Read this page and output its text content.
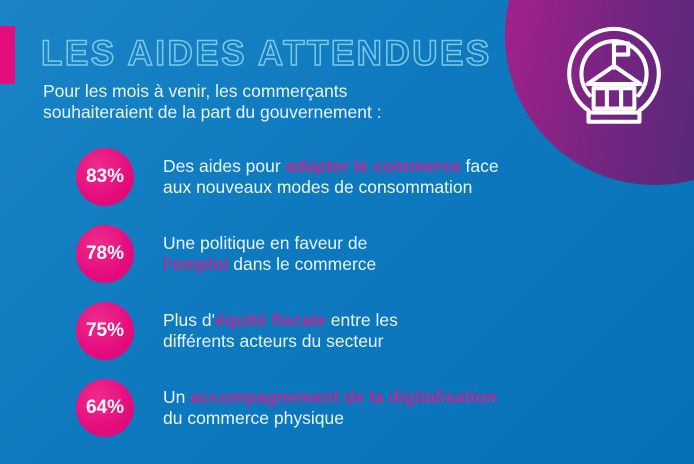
LES AIDES ATTENDUES

Pour les mois à venir, les commerçants
souhaiteraient de la part du gouvernement :

83% Des aides pour adapter le commerce face
aux nouveaux modes de consommation

78% Une politique en faveur de
l'emploi dans le commerce

75% Plus d'équité fiscale entre les
différents acteurs du secteur

64% Un accompagnement de la digitalisation
du commerce physique
